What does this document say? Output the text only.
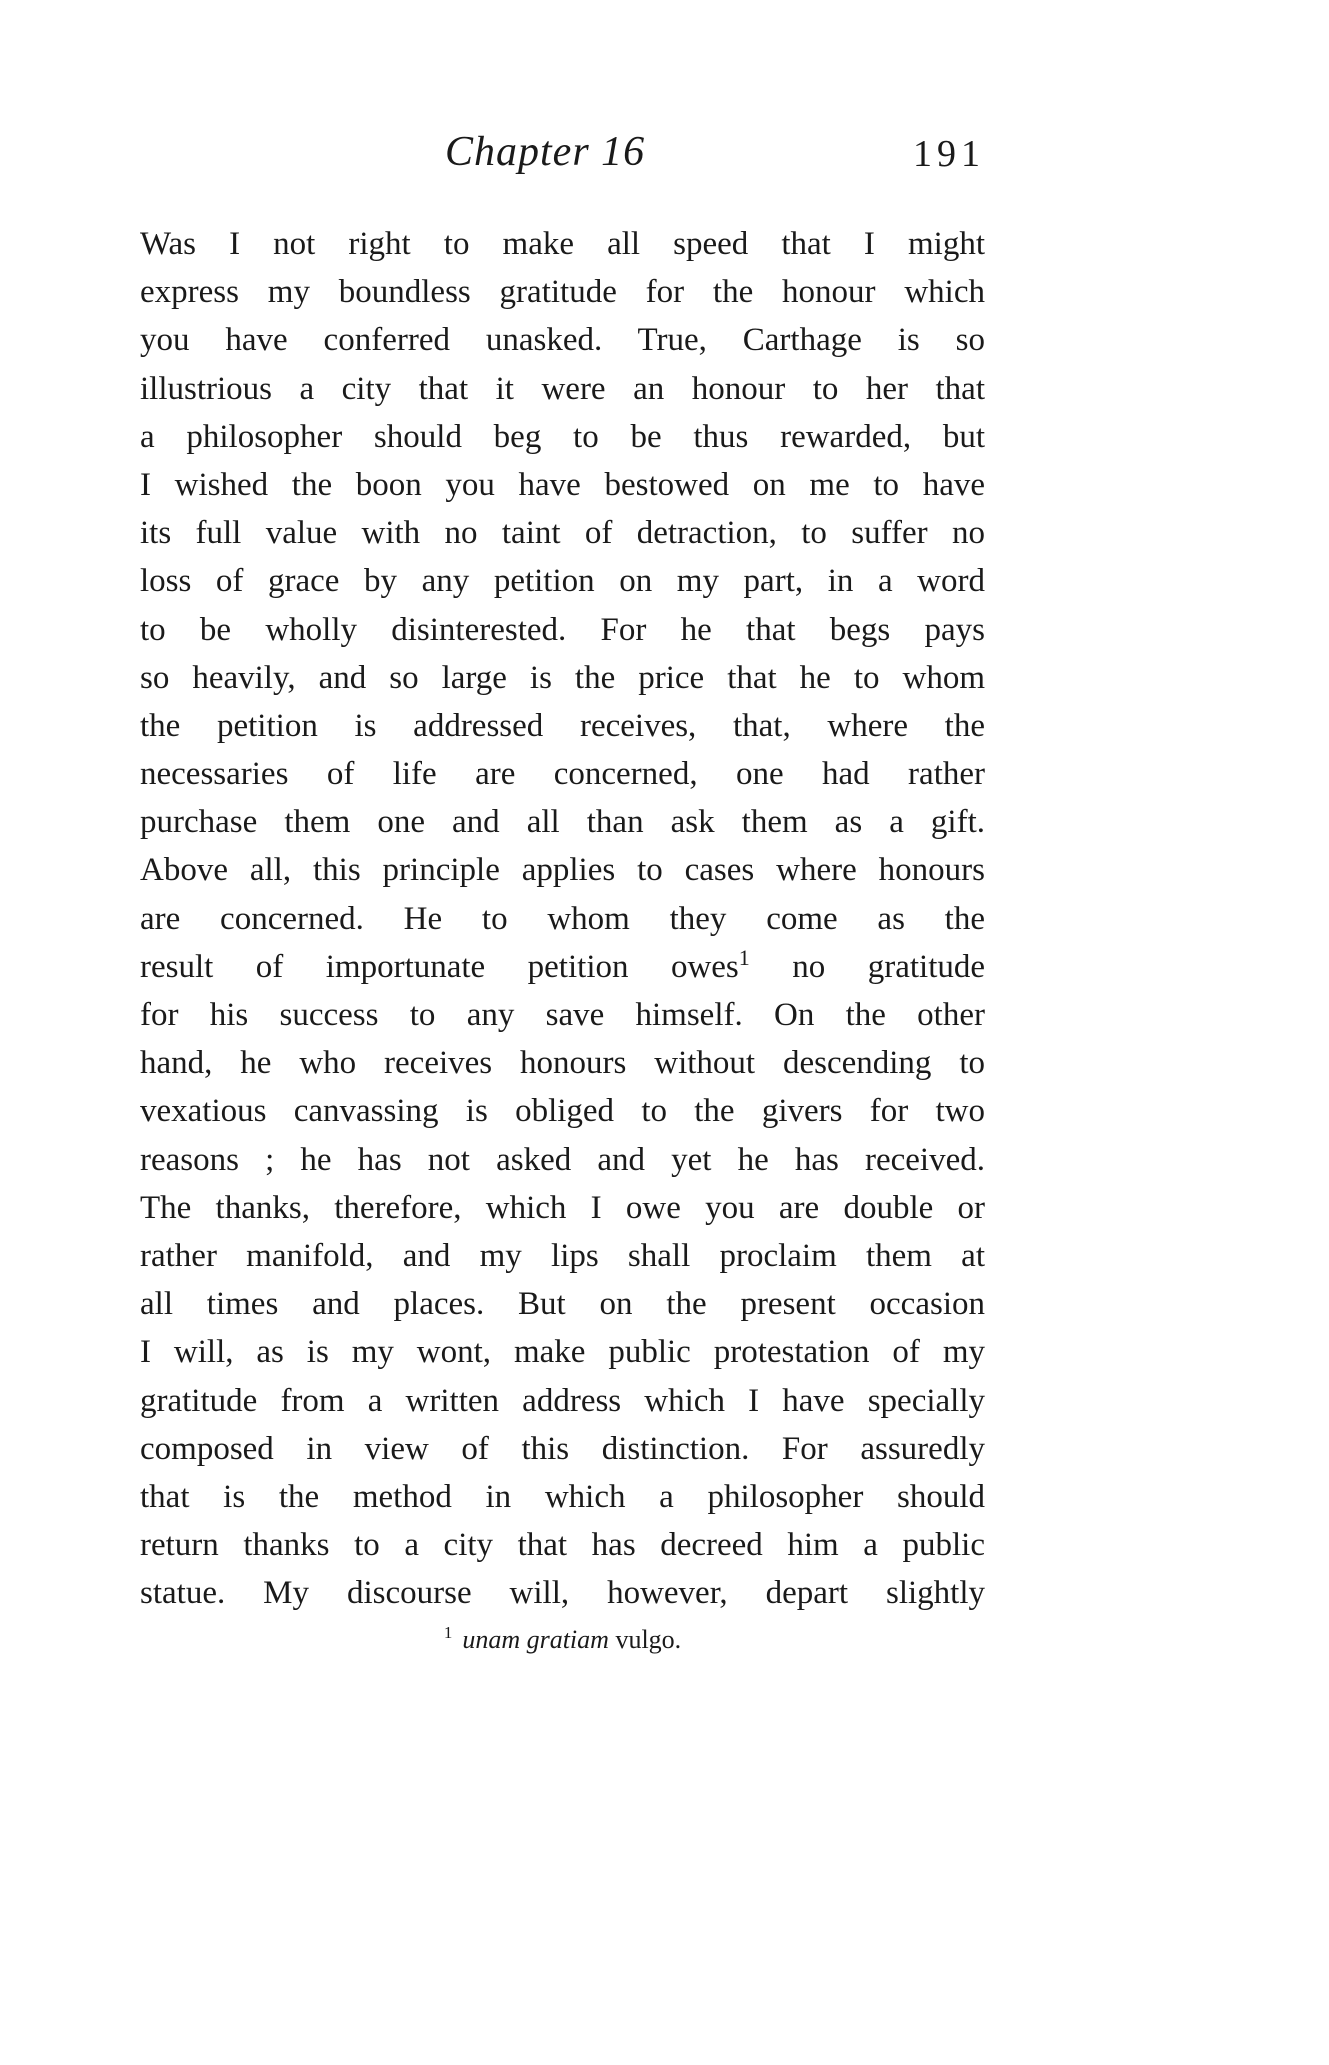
Chapter 16	191
Was I not right to make all speed that I might
express my boundless gratitude for the honour which
you have conferred unasked. True, Carthage is so
illustrious a city that it were an honour to her that
a philosopher should beg to be thus rewarded, but
I wished the boon you have bestowed on me to have
its full value with no taint of detraction, to suffer no
loss of grace by any petition on my part, in a word
to be wholly disinterested. For he that begs pays
so heavily, and so large is the price that he to whom
the petition is addressed receives, that, where the
necessaries of life are concerned, one had rather
purchase them one and all than ask them as a gift.
Above all, this principle applies to cases where honours
are concerned. He to whom they come as the
result of importunate petition owes$^1$ no gratitude
for his success to any save himself. On the other
hand, he who receives honours without descending to
vexatious canvassing is obliged to the givers for two
reasons ; he has not asked and yet he has received.
The thanks, therefore, which I owe you are double or
rather manifold, and my lips shall proclaim them at
all times and places. But on the present occasion
I will, as is my wont, make public protestation of my
gratitude from a written address which I have specially
composed in view of this distinction. For assuredly
that is the method in which a philosopher should
return thanks to a city that has decreed him a public
statue. My discourse will, however, depart slightly
$^1$ unam gratiam vulgo.
